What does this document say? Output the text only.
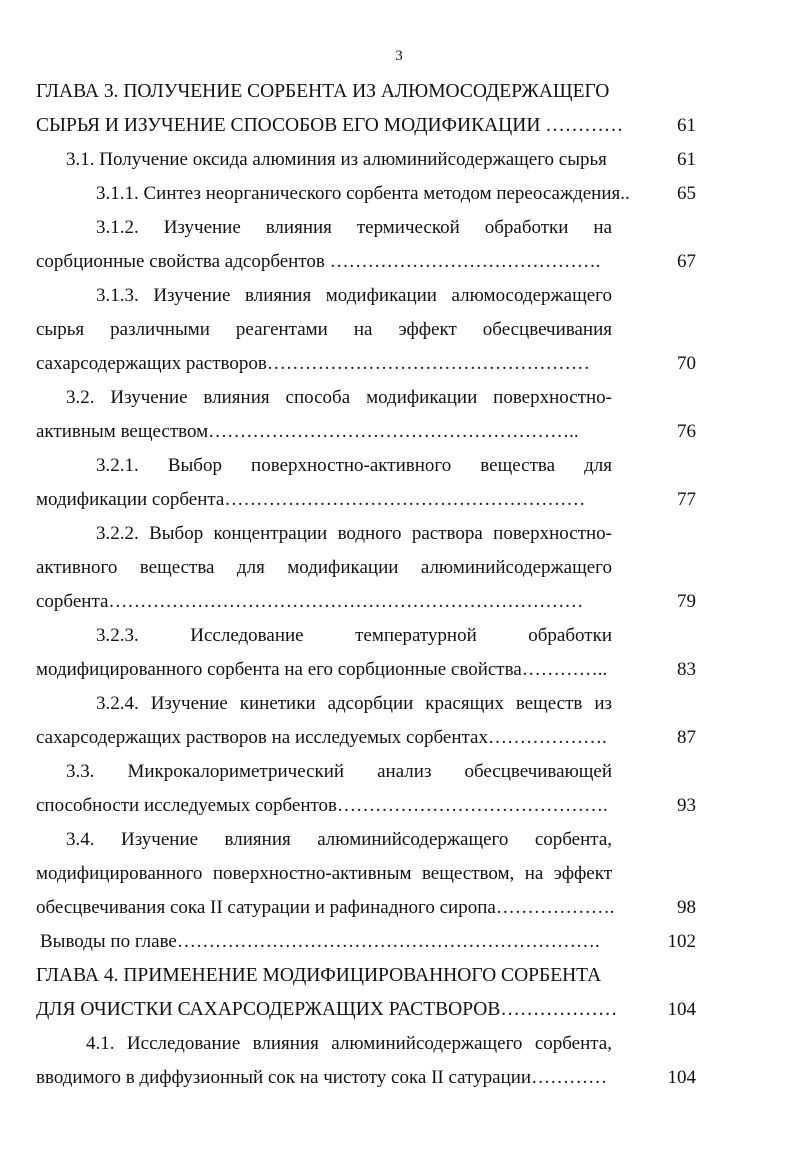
3
ГЛАВА 3. ПОЛУЧЕНИЕ СОРБЕНТА ИЗ АЛЮМОСОДЕРЖАЩЕГО
СЫРЬЯ И ИЗУЧЕНИЕ СПОСОБОВ ЕГО МОДИФИКАЦИИ …………	61
3.1. Получение оксида алюминия из алюминийсодержащего сырья	61
3.1.1. Синтез неорганического сорбента методом переосаждения..	65
3.1.2. Изучение влияния термической обработки на
сорбционные свойства адсорбентов …………………………………….	67
3.1.3. Изучение влияния модификации алюмосодержащего
сырья различными реагентами на эффект обесцвечивания
сахарсодержащих растворов……………………………………………	70
3.2. Изучение влияния способа модификации поверхностно-
активным веществом…………………………………………………..	76
3.2.1. Выбор поверхностно-активного вещества для
модификации сорбента…………………………………………………	77
3.2.2. Выбор концентрации водного раствора поверхностно-
активного вещества для модификации алюминийсодержащего
сорбента…………………………………………………………………	79
3.2.3. Исследование температурной обработки
модифицированного сорбента на его сорбционные свойства…………..	83
3.2.4. Изучение кинетики адсорбции красящих веществ из
сахарсодержащих растворов на исследуемых сорбентах……………….	87
3.3. Микрокалориметрический анализ обесцвечивающей
способности исследуемых сорбентов…………………………………….	93
3.4. Изучение влияния алюминийсодержащего сорбента,
модифицированного поверхностно-активным веществом, на эффект
обесцвечивания сока II сатурации и рафинадного сиропа……………….	98
Выводы по главе………………………………………………………….	102
ГЛАВА 4. ПРИМЕНЕНИЕ МОДИФИЦИРОВАННОГО СОРБЕНТА
ДЛЯ ОЧИСТКИ САХАРСОДЕРЖАЩИХ РАСТВОРОВ………………	104
4.1. Исследование влияния алюминийсодержащего сорбента,
вводимого в диффузионный сок на чистоту сока II сатурации…………	104
